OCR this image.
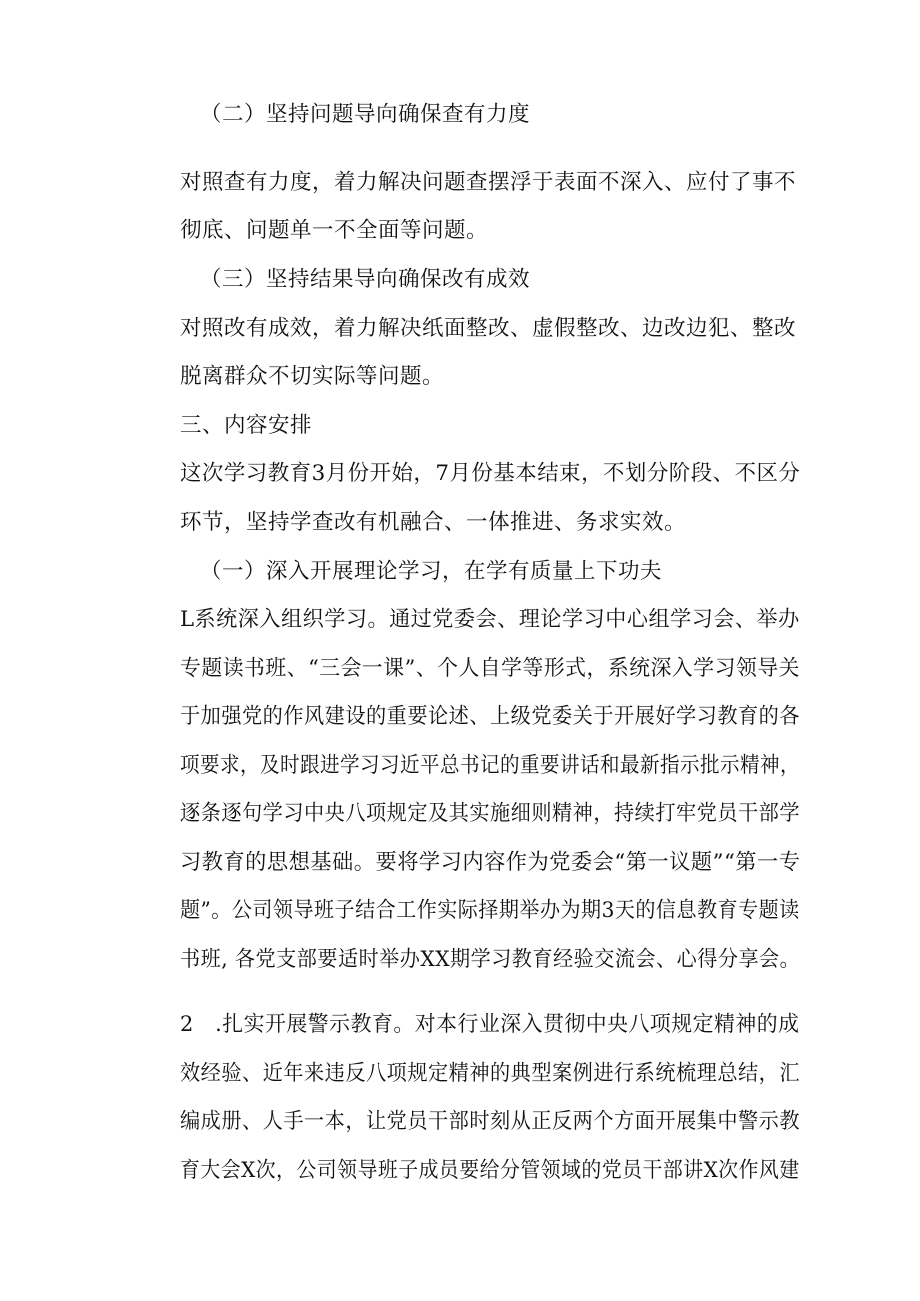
（二）坚持问题导向确保查有力度
对照查有力度，着力解决问题查摆浮于表面不深入、应付了事不
彻底、问题单一不全面等问题。
（三）坚持结果导向确保改有成效
对照改有成效，着力解决纸面整改、虚假整改、边改边犯、整改
脱离群众不切实际等问题。
三、内容安排
这次学习教育3月份开始，7月份基本结束，不划分阶段、不区分
环节，坚持学查改有机融合、一体推进、务求实效。
（一）深入开展理论学习，在学有质量上下功夫
L系统深入组织学习。通过党委会、理论学习中心组学习会、举办
专题读书班、“三会一课”、个人自学等形式，系统深入学习领导关
于加强党的作风建设的重要论述、上级党委关于开展好学习教育的各
项要求，及时跟进学习习近平总书记的重要讲话和最新指示批示精神，
逐条逐句学习中央八项规定及其实施细则精神，持续打牢党员干部学
习教育的思想基础。要将学习内容作为党委会“第一议题”“第一专
题”。公司领导班子结合工作实际择期举办为期3天的信息教育专题读
书班, 各党支部要适时举办XX期学习教育经验交流会、心得分享会。
2   .扎实开展警示教育。对本行业深入贯彻中央八项规定精神的成
效经验、近年来违反八项规定精神的典型案例进行系统梳理总结，汇
编成册、人手一本，让党员干部时刻从正反两个方面开展集中警示教
育大会X次，公司领导班子成员要给分管领域的党员干部讲X次作风建
